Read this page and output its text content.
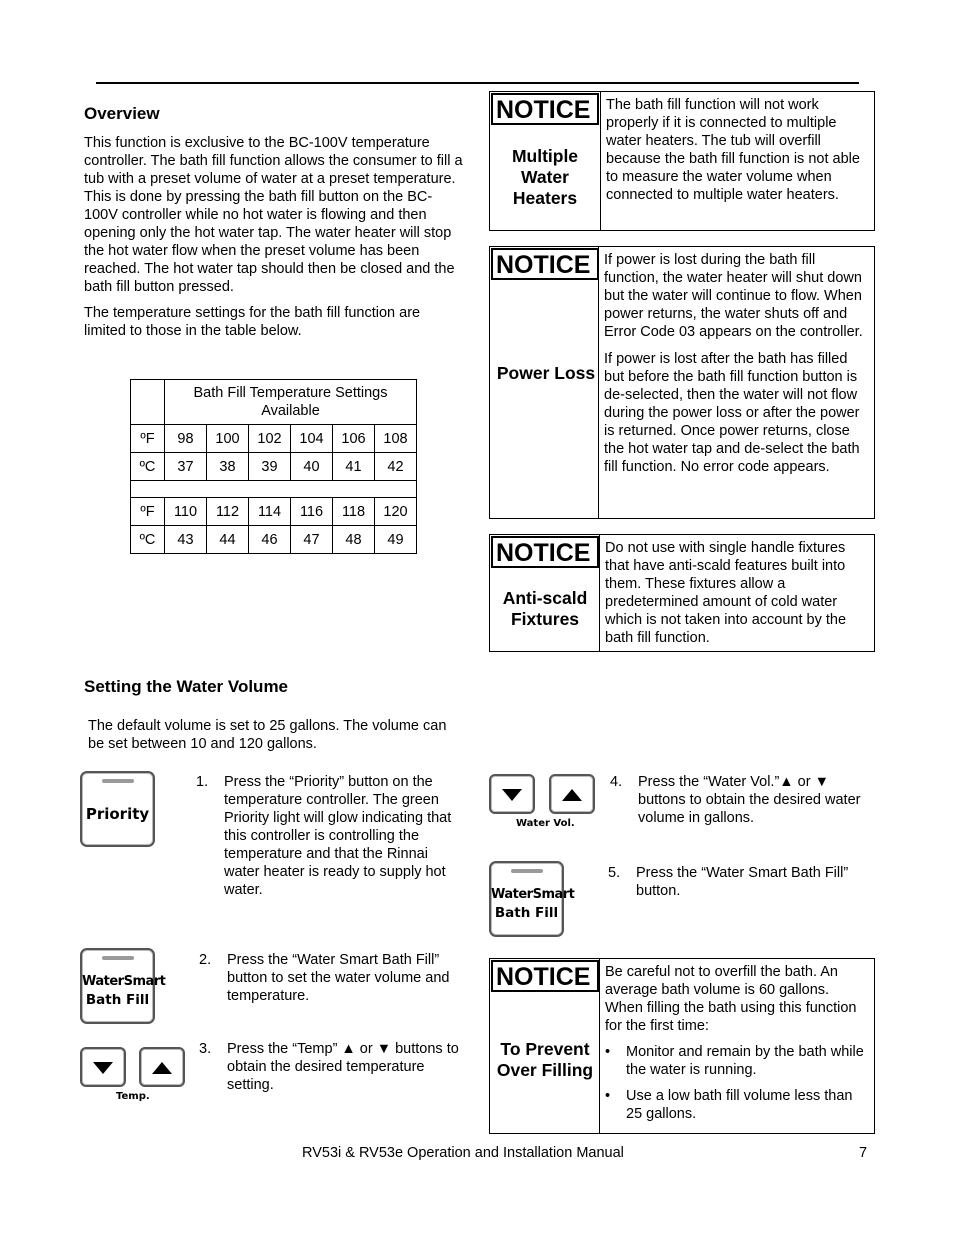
Overview

This function is exclusive to the BC-100V temperature controller. The bath fill function allows the consumer to fill a tub with a preset volume of water at a preset temperature. This is done by pressing the bath fill button on the BC-100V controller while no hot water is flowing and then opening only the hot water tap. The water heater will stop the hot water flow when the preset volume has been reached. The hot water tap should then be closed and the bath fill button pressed.

The temperature settings for the bath fill function are limited to those in the table below.

	Bath Fill Temperature Settings Available					
ºF	98	100	102	104	106	108
ºC	37	38	39	40	41	42

ºF	110	112	114	116	118	120
ºC	43	44	46	47	48	49
NOTICE
Multiple Water Heaters
The bath fill function will not work properly if it is connected to multiple water heaters. The tub will overfill because the bath fill function is not able to measure the water volume when connected to multiple water heaters.
NOTICE
Power Loss

If power is lost during the bath fill function, the water heater will shut down but the water will continue to flow. When power returns, the water shuts off and Error Code 03 appears on the controller.

If power is lost after the bath has filled but before the bath fill function button is de-selected, then the water will not flow during the power loss or after the power is returned. Once power returns, close the hot water tap and de-select the bath fill function. No error code appears.

NOTICE
Anti-scald Fixtures
Do not use with single handle fixtures that have anti-scald features built into them. These fixtures allow a predetermined amount of cold water which is not taken into account by the bath fill function.
Setting the Water Volume

The default volume is set to 25 gallons. The volume can be set between 10 and 120 gallons.

Priority
1. Press the “Priority” button on the temperature controller. The green Priority light will glow indicating that this controller is controlling the temperature and that the Rinnai water heater is ready to supply hot water.
WaterSmart
Bath Fill
2. Press the “Water Smart Bath Fill” button to set the water volume and temperature.
Temp.
3. Press the “Temp” ▲ or ▼ buttons to obtain the desired temperature setting.
Water Vol.
4. Press the “Water Vol.”▲ or ▼ buttons to obtain the desired water volume in gallons.
WaterSmart
Bath Fill
5. Press the “Water Smart Bath Fill” button.
NOTICE
To Prevent Over Filling

Be careful not to overfill the bath. An average bath volume is 60 gallons. When filling the bath using this function for the first time:

• Monitor and remain by the bath while the water is running.
• Use a low bath fill volume less than 25 gallons.
RV53i & RV53e Operation and Installation Manual	7
